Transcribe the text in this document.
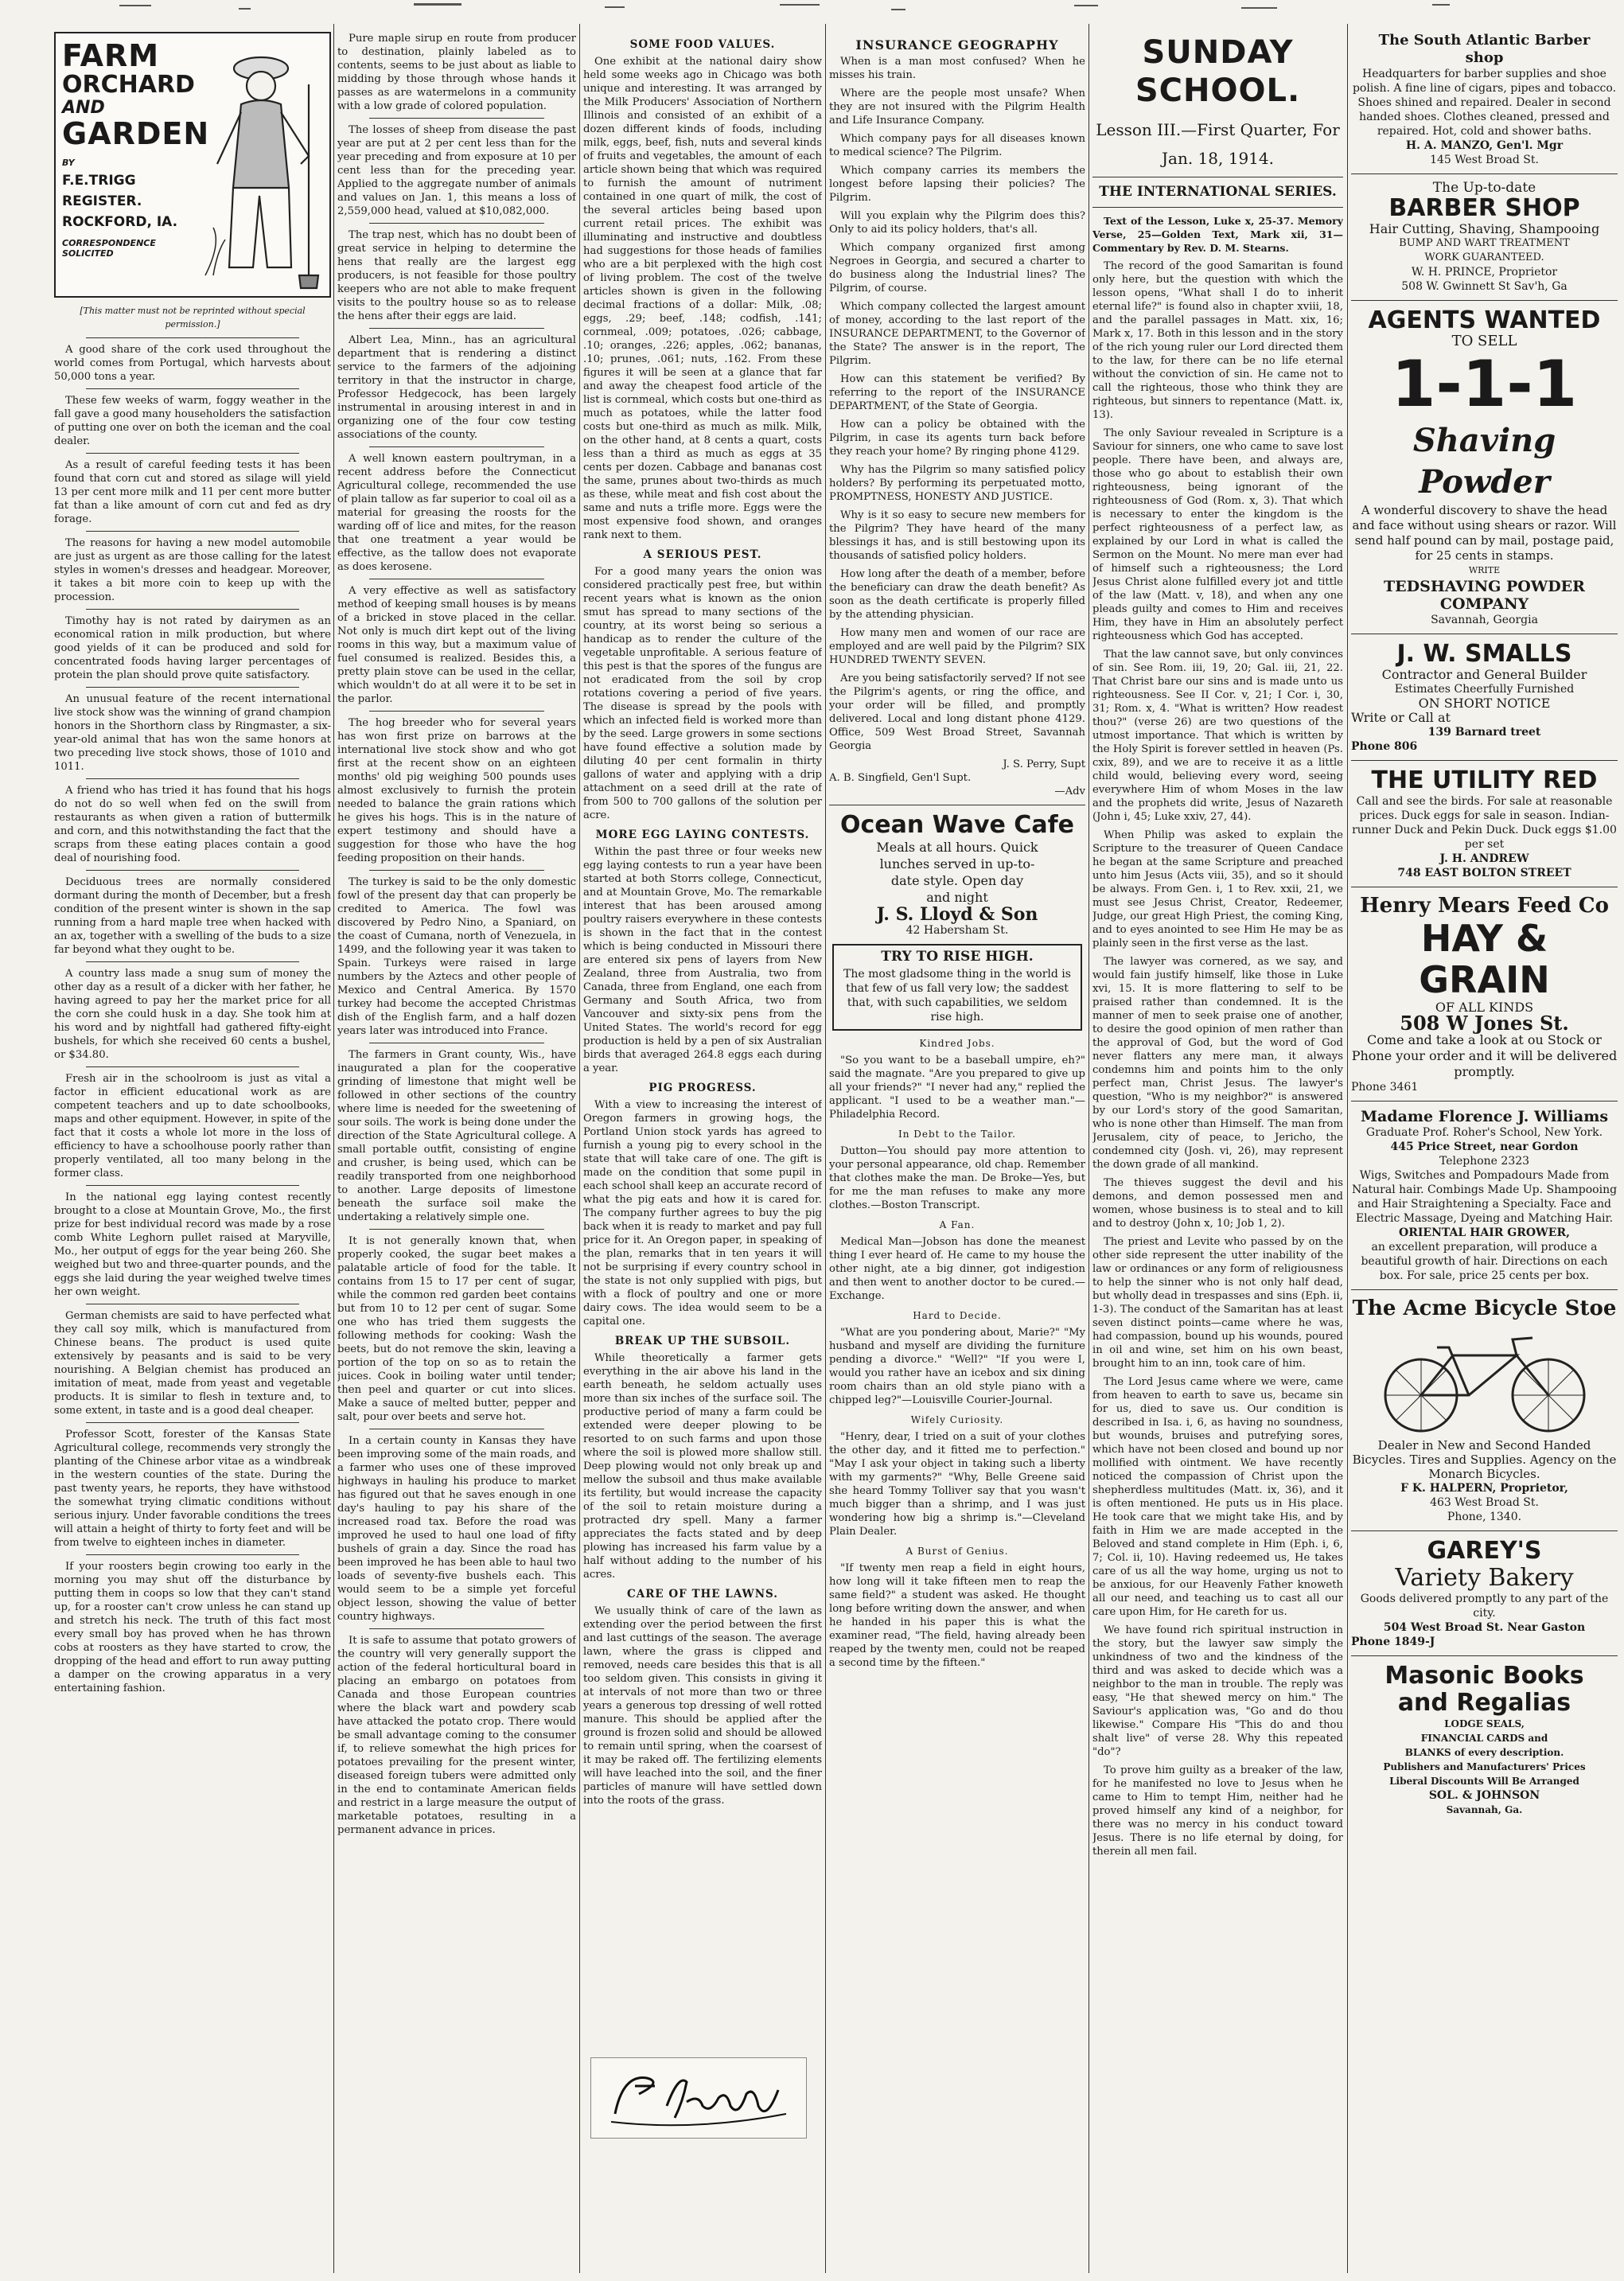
FARM
ORCHARD
AND
GARDEN
BY
F.E.TRIGG
REGISTER.
ROCKFORD, IA.
CORRESPONDENCE SOLICITED
[This matter must not be reprinted without special permission.]

A good share of the cork used throughout the world comes from Portugal, which harvests about 50,000 tons a year.

These few weeks of warm, foggy weather in the fall gave a good many householders the satisfaction of putting one over on both the iceman and the coal dealer.

As a result of careful feeding tests it has been found that corn cut and stored as silage will yield 13 per cent more milk and 11 per cent more butter fat than a like amount of corn cut and fed as dry forage.

The reasons for having a new model automobile are just as urgent as are those calling for the latest styles in women's dresses and headgear. Moreover, it takes a bit more coin to keep up with the procession.

Timothy hay is not rated by dairymen as an economical ration in milk production, but where good yields of it can be produced and sold for concentrated foods having larger percentages of protein the plan should prove quite satisfactory.

An unusual feature of the recent international live stock show was the winning of grand champion honors in the Shorthorn class by Ringmaster, a six-year-old animal that has won the same honors at two preceding live stock shows, those of 1010 and 1011.

A friend who has tried it has found that his hogs do not do so well when fed on the swill from restaurants as when given a ration of buttermilk and corn, and this notwithstanding the fact that the scraps from these eating places contain a good deal of nourishing food.

Deciduous trees are normally considered dormant during the month of December, but a fresh condition of the present winter is shown in the sap running from a hard maple tree when hacked with an ax, together with a swelling of the buds to a size far beyond what they ought to be.

A country lass made a snug sum of money the other day as a result of a dicker with her father, he having agreed to pay her the market price for all the corn she could husk in a day. She took him at his word and by nightfall had gathered fifty-eight bushels, for which she received 60 cents a bushel, or $34.80.

Fresh air in the schoolroom is just as vital a factor in efficient educational work as are competent teachers and up to date schoolbooks, maps and other equipment. However, in spite of the fact that it costs a whole lot more in the loss of efficiency to have a schoolhouse poorly rather than properly ventilated, all too many belong in the former class.

In the national egg laying contest recently brought to a close at Mountain Grove, Mo., the first prize for best individual record was made by a rose comb White Leghorn pullet raised at Maryville, Mo., her output of eggs for the year being 260. She weighed but two and three-quarter pounds, and the eggs she laid during the year weighed twelve times her own weight.

German chemists are said to have perfected what they call soy milk, which is manufactured from Chinese beans. The product is used quite extensively by peasants and is said to be very nourishing. A Belgian chemist has produced an imitation of meat, made from yeast and vegetable products. It is similar to flesh in texture and, to some extent, in taste and is a good deal cheaper.

Professor Scott, forester of the Kansas State Agricultural college, recommends very strongly the planting of the Chinese arbor vitae as a windbreak in the western counties of the state. During the past twenty years, he reports, they have withstood the somewhat trying climatic conditions without serious injury. Under favorable conditions the trees will attain a height of thirty to forty feet and will be from twelve to eighteen inches in diameter.

If your roosters begin crowing too early in the morning you may shut off the disturbance by putting them in coops so low that they can't stand up, for a rooster can't crow unless he can stand up and stretch his neck. The truth of this fact most every small boy has proved when he has thrown cobs at roosters as they have started to crow, the dropping of the head and effort to run away putting a damper on the crowing apparatus in a very entertaining fashion.

Pure maple sirup en route from producer to destination, plainly labeled as to contents, seems to be just about as liable to midding by those through whose hands it passes as are watermelons in a community with a low grade of colored population.

The losses of sheep from disease the past year are put at 2 per cent less than for the year preceding and from exposure at 10 per cent less than for the preceding year. Applied to the aggregate number of animals and values on Jan. 1, this means a loss of 2,559,000 head, valued at $10,082,000.

The trap nest, which has no doubt been of great service in helping to determine the hens that really are the largest egg producers, is not feasible for those poultry keepers who are not able to make frequent visits to the poultry house so as to release the hens after their eggs are laid.

Albert Lea, Minn., has an agricultural department that is rendering a distinct service to the farmers of the adjoining territory in that the instructor in charge, Professor Hedgecock, has been largely instrumental in arousing interest in and in organizing one of the four cow testing associations of the county.

A well known eastern poultryman, in a recent address before the Connecticut Agricultural college, recommended the use of plain tallow as far superior to coal oil as a material for greasing the roosts for the warding off of lice and mites, for the reason that one treatment a year would be effective, as the tallow does not evaporate as does kerosene.

A very effective as well as satisfactory method of keeping small houses is by means of a bricked in stove placed in the cellar. Not only is much dirt kept out of the living rooms in this way, but a maximum value of fuel consumed is realized. Besides this, a pretty plain stove can be used in the cellar, which wouldn't do at all were it to be set in the parlor.

The hog breeder who for several years has won first prize on barrows at the international live stock show and who got first at the recent show on an eighteen months' old pig weighing 500 pounds uses almost exclusively to furnish the protein needed to balance the grain rations which he gives his hogs. This is in the nature of expert testimony and should have a suggestion for those who have the hog feeding proposition on their hands.

The turkey is said to be the only domestic fowl of the present day that can properly be credited to America. The fowl was discovered by Pedro Nino, a Spaniard, on the coast of Cumana, north of Venezuela, in 1499, and the following year it was taken to Spain. Turkeys were raised in large numbers by the Aztecs and other people of Mexico and Central America. By 1570 turkey had become the accepted Christmas dish of the English farm, and a half dozen years later was introduced into France.

The farmers in Grant county, Wis., have inaugurated a plan for the cooperative grinding of limestone that might well be followed in other sections of the country where lime is needed for the sweetening of sour soils. The work is being done under the direction of the State Agricultural college. A small portable outfit, consisting of engine and crusher, is being used, which can be readily transported from one neighborhood to another. Large deposits of limestone beneath the surface soil make the undertaking a relatively simple one.

It is not generally known that, when properly cooked, the sugar beet makes a palatable article of food for the table. It contains from 15 to 17 per cent of sugar, while the common red garden beet contains but from 10 to 12 per cent of sugar. Some one who has tried them suggests the following methods for cooking: Wash the beets, but do not remove the skin, leaving a portion of the top on so as to retain the juices. Cook in boiling water until tender; then peel and quarter or cut into slices. Make a sauce of melted butter, pepper and salt, pour over beets and serve hot.

In a certain county in Kansas they have been improving some of the main roads, and a farmer who uses one of these improved highways in hauling his produce to market has figured out that he saves enough in one day's hauling to pay his share of the increased road tax. Before the road was improved he used to haul one load of fifty bushels of grain a day. Since the road has been improved he has been able to haul two loads of seventy-five bushels each. This would seem to be a simple yet forceful object lesson, showing the value of better country highways.

It is safe to assume that potato growers of the country will very generally support the action of the federal horticultural board in placing an embargo on potatoes from Canada and those European countries where the black wart and powdery scab have attacked the potato crop. There would be small advantage coming to the consumer if, to relieve somewhat the high prices for potatoes prevailing for the present winter, diseased foreign tubers were admitted only in the end to contaminate American fields and restrict in a large measure the output of marketable potatoes, resulting in a permanent advance in prices.

SOME FOOD VALUES.

One exhibit at the national dairy show held some weeks ago in Chicago was both unique and interesting. It was arranged by the Milk Producers' Association of Northern Illinois and consisted of an exhibit of a dozen different kinds of foods, including milk, eggs, beef, fish, nuts and several kinds of fruits and vegetables, the amount of each article shown being that which was required to furnish the amount of nutriment contained in one quart of milk, the cost of the several articles being based upon current retail prices. The exhibit was illuminating and instructive and doubtless had suggestions for those heads of families who are a bit perplexed with the high cost of living problem. The cost of the twelve articles shown is given in the following decimal fractions of a dollar: Milk, .08; eggs, .29; beef, .148; codfish, .141; cornmeal, .009; potatoes, .026; cabbage, .10; oranges, .226; apples, .062; bananas, .10; prunes, .061; nuts, .162. From these figures it will be seen at a glance that far and away the cheapest food article of the list is cornmeal, which costs but one-third as much as potatoes, while the latter food costs but one-third as much as milk. Milk, on the other hand, at 8 cents a quart, costs less than a third as much as eggs at 35 cents per dozen. Cabbage and bananas cost the same, prunes about two-thirds as much as these, while meat and fish cost about the same and nuts a trifle more. Eggs were the most expensive food shown, and oranges rank next to them.

A SERIOUS PEST.

For a good many years the onion was considered practically pest free, but within recent years what is known as the onion smut has spread to many sections of the country, at its worst being so serious a handicap as to render the culture of the vegetable unprofitable. A serious feature of this pest is that the spores of the fungus are not eradicated from the soil by crop rotations covering a period of five years. The disease is spread by the pools with which an infected field is worked more than by the seed. Large growers in some sections have found effective a solution made by diluting 40 per cent formalin in thirty gallons of water and applying with a drip attachment on a seed drill at the rate of from 500 to 700 gallons of the solution per acre.

MORE EGG LAYING CONTESTS.

Within the past three or four weeks new egg laying contests to run a year have been started at both Storrs college, Connecticut, and at Mountain Grove, Mo. The remarkable interest that has been aroused among poultry raisers everywhere in these contests is shown in the fact that in the contest which is being conducted in Missouri there are entered six pens of layers from New Zealand, three from Australia, two from Canada, three from England, one each from Germany and South Africa, two from Vancouver and sixty-six pens from the United States. The world's record for egg production is held by a pen of six Australian birds that averaged 264.8 eggs each during a year.

PIG PROGRESS.

With a view to increasing the interest of Oregon farmers in growing hogs, the Portland Union stock yards has agreed to furnish a young pig to every school in the state that will take care of one. The gift is made on the condition that some pupil in each school shall keep an accurate record of what the pig eats and how it is cared for. The company further agrees to buy the pig back when it is ready to market and pay full price for it. An Oregon paper, in speaking of the plan, remarks that in ten years it will not be surprising if every country school in the state is not only supplied with pigs, but with a flock of poultry and one or more dairy cows. The idea would seem to be a capital one.

BREAK UP THE SUBSOIL.

While theoretically a farmer gets everything in the air above his land in the earth beneath, he seldom actually uses more than six inches of the surface soil. The productive period of many a farm could be extended were deeper plowing to be resorted to on such farms and upon those where the soil is plowed more shallow still. Deep plowing would not only break up and mellow the subsoil and thus make available its fertility, but would increase the capacity of the soil to retain moisture during a protracted dry spell. Many a farmer appreciates the facts stated and by deep plowing has increased his farm value by a half without adding to the number of his acres.

CARE OF THE LAWNS.

We usually think of care of the lawn as extending over the period between the first and last cuttings of the season. The average lawn, where the grass is clipped and removed, needs care besides this that is all too seldom given. This consists in giving it at intervals of not more than two or three years a generous top dressing of well rotted manure. This should be applied after the ground is frozen solid and should be allowed to remain until spring, when the coarsest of it may be raked off. The fertilizing elements will have leached into the soil, and the finer particles of manure will have settled down into the roots of the grass.

INSURANCE GEOGRAPHY

When is a man most confused? When he misses his train.

Where are the people most unsafe? When they are not insured with the Pilgrim Health and Life Insurance Company.

Which company pays for all diseases known to medical science? The Pilgrim.

Which company carries its members the longest before lapsing their policies? The Pilgrim.

Will you explain why the Pilgrim does this? Only to aid its policy holders, that's all.

Which company organized first among Negroes in Georgia, and secured a charter to do business along the Industrial lines? The Pilgrim, of course.

Which company collected the largest amount of money, according to the last report of the INSURANCE DEPARTMENT, to the Governor of the State? The answer is in the report, The Pilgrim.

How can this statement be verified? By referring to the report of the INSURANCE DEPARTMENT, of the State of Georgia.

How can a policy be obtained with the Pilgrim, in case its agents turn back before they reach your home? By ringing phone 4129.

Why has the Pilgrim so many satisfied policy holders? By performing its perpetuated motto, PROMPTNESS, HONESTY AND JUSTICE.

Why is it so easy to secure new members for the Pilgrim? They have heard of the many blessings it has, and is still bestowing upon its thousands of satisfied policy holders.

How long after the death of a member, before the beneficiary can draw the death benefit? As soon as the death certificate is properly filled by the attending physician.

How many men and women of our race are employed and are well paid by the Pilgrim? SIX HUNDRED TWENTY SEVEN.

Are you being satisfactorily served? If not see the Pilgrim's agents, or ring the office, and your order will be filled, and promptly delivered. Local and long distant phone 4129. Office, 509 West Broad Street, Savannah Georgia

J. S. Perry, Supt
A. B. Singfield, Gen'l Supt.
—Adv
Ocean Wave Cafe
Meals at all hours. Quick
lunches served in up-to-
date style. Open day
and night
J. S. Lloyd & Son
42 Habersham St.
TRY TO RISE HIGH.
The most gladsome thing in the world is that few of us fall very low; the saddest that, with such capabilities, we seldom rise high.
Kindred Jobs.

"So you want to be a baseball umpire, eh?" said the magnate. "Are you prepared to give up all your friends?" "I never had any," replied the applicant. "I used to be a weather man."—Philadelphia Record.

In Debt to the Tailor.

Dutton—You should pay more attention to your personal appearance, old chap. Remember that clothes make the man. De Broke—Yes, but for me the man refuses to make any more clothes.—Boston Transcript.

A Fan.

Medical Man—Jobson has done the meanest thing I ever heard of. He came to my house the other night, ate a big dinner, got indigestion and then went to another doctor to be cured.—Exchange.

Hard to Decide.

"What are you pondering about, Marie?" "My husband and myself are dividing the furniture pending a divorce." "Well?" "If you were I, would you rather have an icebox and six dining room chairs than an old style piano with a chipped leg?"—Louisville Courier-Journal.

Wifely Curiosity.

"Henry, dear, I tried on a suit of your clothes the other day, and it fitted me to perfection." "May I ask your object in taking such a liberty with my garments?" "Why, Belle Greene said she heard Tommy Tolliver say that you wasn't much bigger than a shrimp, and I was just wondering how big a shrimp is."—Cleveland Plain Dealer.

A Burst of Genius.

"If twenty men reap a field in eight hours, how long will it take fifteen men to reap the same field?" a student was asked. He thought long before writing down the answer, and when he handed in his paper this is what the examiner read, "The field, having already been reaped by the twenty men, could not be reaped a second time by the fifteen."

SUNDAY SCHOOL.
Lesson III.—First Quarter, For
Jan. 18, 1914.
THE INTERNATIONAL SERIES.

Text of the Lesson, Luke x, 25-37. Memory Verse, 25—Golden Text, Mark xii, 31—Commentary by Rev. D. M. Stearns.

The record of the good Samaritan is found only here, but the question with which the lesson opens, "What shall I do to inherit eternal life?" is found also in chapter xviii, 18, and the parallel passages in Matt. xix, 16; Mark x, 17. Both in this lesson and in the story of the rich young ruler our Lord directed them to the law, for there can be no life eternal without the conviction of sin. He came not to call the righteous, those who think they are righteous, but sinners to repentance (Matt. ix, 13).

The only Saviour revealed in Scripture is a Saviour for sinners, one who came to save lost people. There have been, and always are, those who go about to establish their own righteousness, being ignorant of the righteousness of God (Rom. x, 3). That which is necessary to enter the kingdom is the perfect righteousness of a perfect law, as explained by our Lord in what is called the Sermon on the Mount. No mere man ever had of himself such a righteousness; the Lord Jesus Christ alone fulfilled every jot and tittle of the law (Matt. v, 18), and when any one pleads guilty and comes to Him and receives Him, they have in Him an absolutely perfect righteousness which God has accepted.

That the law cannot save, but only convinces of sin. See Rom. iii, 19, 20; Gal. iii, 21, 22. That Christ bare our sins and is made unto us righteousness. See II Cor. v, 21; I Cor. i, 30, 31; Rom. x, 4. "What is written? How readest thou?" (verse 26) are two questions of the utmost importance. That which is written by the Holy Spirit is forever settled in heaven (Ps. cxix, 89), and we are to receive it as a little child would, believing every word, seeing everywhere Him of whom Moses in the law and the prophets did write, Jesus of Nazareth (John i, 45; Luke xxiv, 27, 44).

When Philip was asked to explain the Scripture to the treasurer of Queen Candace he began at the same Scripture and preached unto him Jesus (Acts viii, 35), and so it should be always. From Gen. i, 1 to Rev. xxii, 21, we must see Jesus Christ, Creator, Redeemer, Judge, our great High Priest, the coming King, and to eyes anointed to see Him He may be as plainly seen in the first verse as the last.

The lawyer was cornered, as we say, and would fain justify himself, like those in Luke xvi, 15. It is more flattering to self to be praised rather than condemned. It is the manner of men to seek praise one of another, to desire the good opinion of men rather than the approval of God, but the word of God never flatters any mere man, it always condemns him and points him to the only perfect man, Christ Jesus. The lawyer's question, "Who is my neighbor?" is answered by our Lord's story of the good Samaritan, who is none other than Himself. The man from Jerusalem, city of peace, to Jericho, the condemned city (Josh. vi, 26), may represent the down grade of all mankind.

The thieves suggest the devil and his demons, and demon possessed men and women, whose business is to steal and to kill and to destroy (John x, 10; Job 1, 2).

The priest and Levite who passed by on the other side represent the utter inability of the law or ordinances or any form of religiousness to help the sinner who is not only half dead, but wholly dead in trespasses and sins (Eph. ii, 1-3). The conduct of the Samaritan has at least seven distinct points—came where he was, had compassion, bound up his wounds, poured in oil and wine, set him on his own beast, brought him to an inn, took care of him.

The Lord Jesus came where we were, came from heaven to earth to save us, became sin for us, died to save us. Our condition is described in Isa. i, 6, as having no soundness, but wounds, bruises and putrefying sores, which have not been closed and bound up nor mollified with ointment. We have recently noticed the compassion of Christ upon the shepherdless multitudes (Matt. ix, 36), and it is often mentioned. He puts us in His place. He took care that we might take His, and by faith in Him we are made accepted in the Beloved and stand complete in Him (Eph. i, 6, 7; Col. ii, 10). Having redeemed us, He takes care of us all the way home, urging us not to be anxious, for our Heavenly Father knoweth all our need, and teaching us to cast all our care upon Him, for He careth for us.

We have found rich spiritual instruction in the story, but the lawyer saw simply the unkindness of two and the kindness of the third and was asked to decide which was a neighbor to the man in trouble. The reply was easy, "He that shewed mercy on him." The Saviour's application was, "Go and do thou likewise." Compare His "This do and thou shalt live" of verse 28. Why this repeated "do"?

To prove him guilty as a breaker of the law, for he manifested no love to Jesus when he came to Him to tempt Him, neither had he proved himself any kind of a neighbor, for there was no mercy in his conduct toward Jesus. There is no life eternal by doing, for therein all men fail.

The South Atlantic Barber
shop
Headquarters for barber supplies and shoe polish. A fine line of cigars, pipes and tobacco. Shoes shined and repaired. Dealer in second handed shoes. Clothes cleaned, pressed and repaired. Hot, cold and shower baths.
H. A. MANZO, Gen'l. Mgr
145 West Broad St.
The Up-to-date
BARBER SHOP
Hair Cutting, Shaving, Shampooing
BUMP AND WART TREATMENT
WORK GUARANTEED.
W. H. PRINCE, Proprietor
508 W. Gwinnett St Sav'h, Ga
AGENTS WANTED
TO SELL
1-1-1
Shaving Powder
A wonderful discovery to shave the head and face without using shears or razor. Will send half pound can by mail, postage paid, for 25 cents in stamps.
WRITE
TEDSHAVING POWDER COMPANY
Savannah, Georgia
J. W. SMALLS
Contractor and General Builder
Estimates Cheerfully Furnished
ON SHORT NOTICE
Write or Call at
139 Barnard treet
Phone 806
THE UTILITY RED
Call and see the birds. For sale at reasonable prices. Duck eggs for sale in season. Indian-runner Duck and Pekin Duck. Duck eggs $1.00 per set
J. H. ANDREW
748 EAST BOLTON STREET
Henry Mears Feed Co
HAY & GRAIN
OF ALL KINDS
508 W Jones St.
Come and take a look at ou Stock or Phone your order and it will be delivered promptly.
Phone 3461
Madame Florence J. Williams
Graduate Prof. Roher's School, New York.
445 Price Street, near Gordon
Telephone 2323
Wigs, Switches and Pompadours Made from Natural hair. Combings Made Up. Shampooing and Hair Straightening a Specialty. Face and Electric Massage, Dyeing and Matching Hair.
ORIENTAL HAIR GROWER,
an excellent preparation, will produce a beautiful growth of hair. Directions on each box. For sale, price 25 cents per box.
The Acme Bicycle Stoe
Dealer in New and Second Handed Bicycles. Tires and Supplies. Agency on the Monarch Bicycles.
F K. HALPERN, Proprietor,
463 West Broad St.
Phone, 1340.
GAREY'S
Variety Bakery
Goods delivered promptly to any part of the city.
504 West Broad St. Near Gaston
Phone 1849-J
Masonic Books
and Regalias
LODGE SEALS,
FINANCIAL CARDS and
BLANKS of every description.
Publishers and Manufacturers' Prices
Liberal Discounts Will Be Arranged
SOL. & JOHNSON
Savannah, Ga.
